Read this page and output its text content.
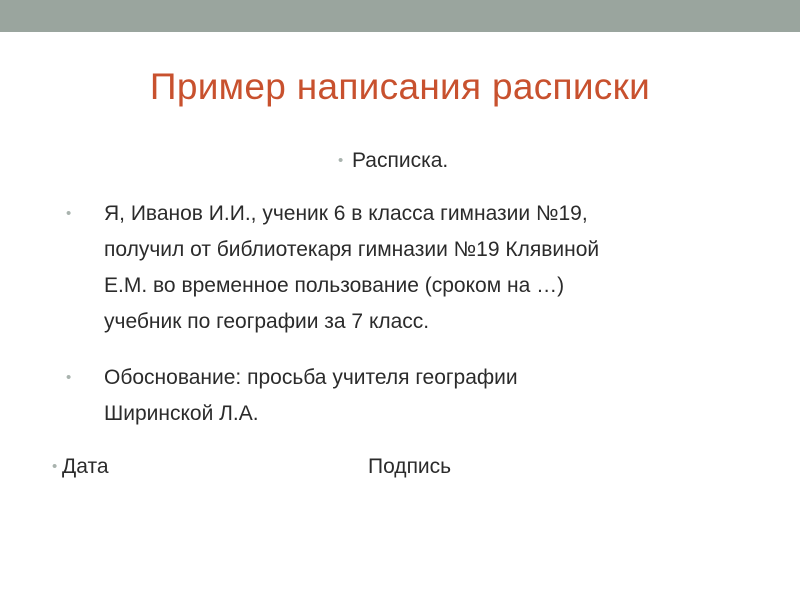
Пример написания расписки
• Расписка.
•	Я, Иванов И.И., ученик 6 в класса гимназии №19,
получил от библиотекаря гимназии №19 Клявиной
Е.М. во временное пользование (сроком на …)
учебник по географии за 7 класс.
•	Обоснование: просьба учителя географии
Ширинской Л.А.
• Дата	Подпись
